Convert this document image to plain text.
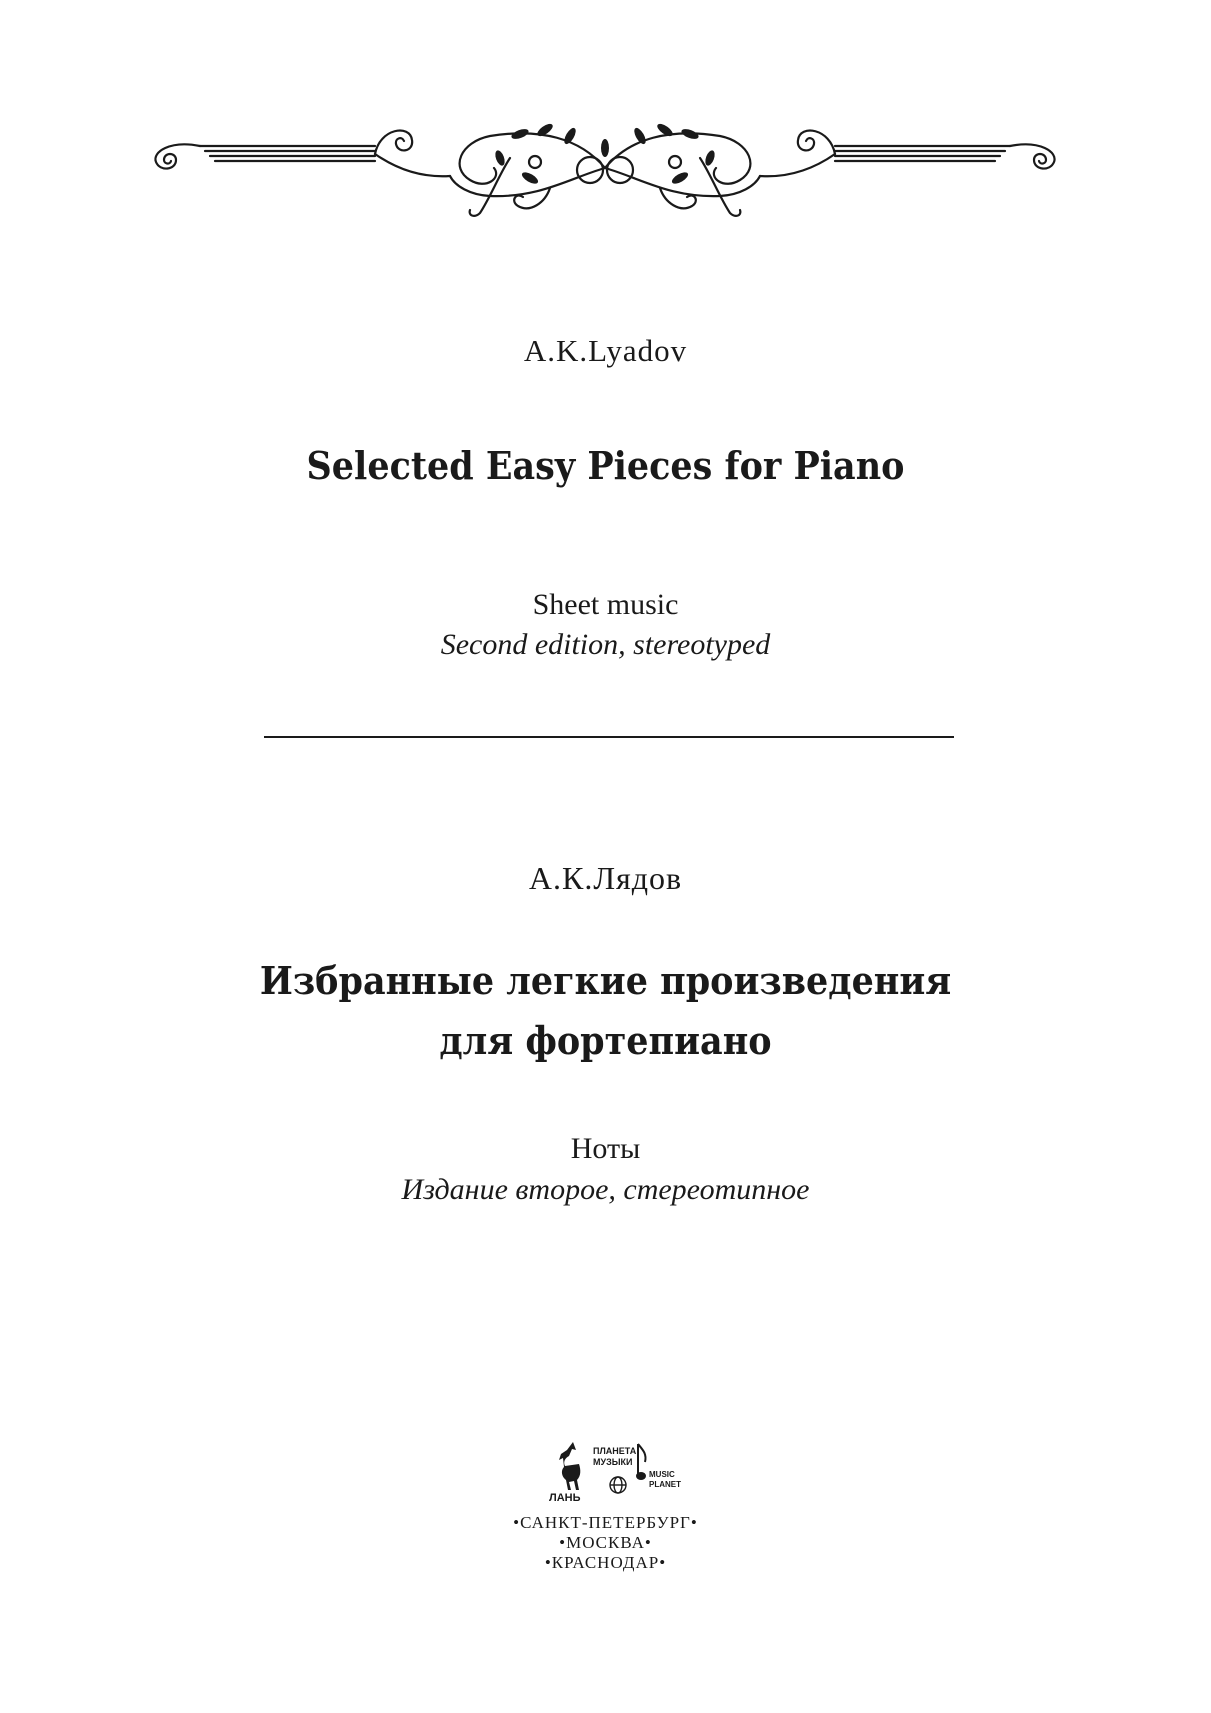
A.K.Lyadov
Selected Easy Pieces for Piano
Sheet music
Second edition, stereotyped
А.К.Лядов
Избранные легкие произведения
для фортепиано
Ноты
Издание второе, стереотипное
ЛАНЬ
ПЛАНЕТА
МУЗЫКИ
MUSIC
PLANET
•САНКТ-ПЕТЕРБУРГ•
•МОСКВА•
•КРАСНОДАР•
